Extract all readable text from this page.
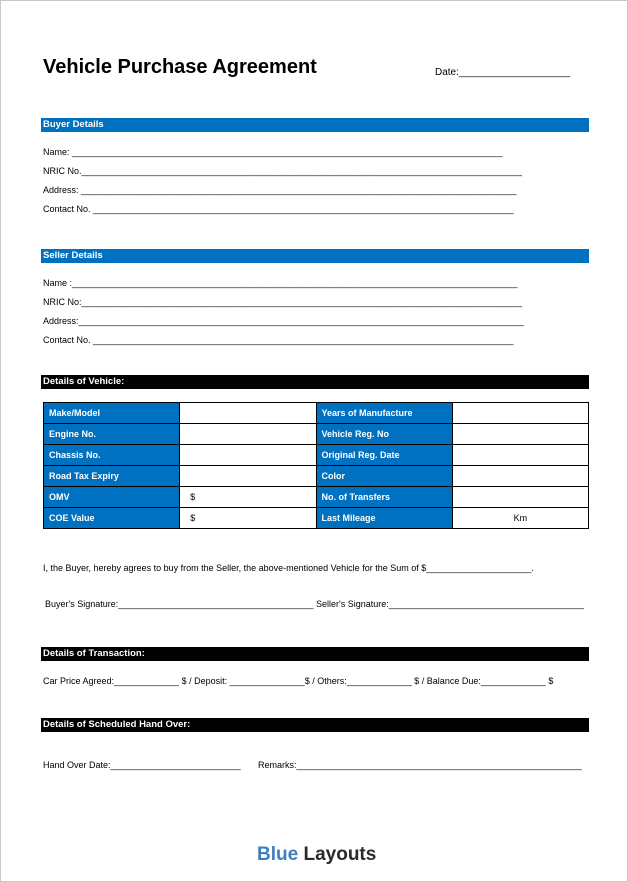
Vehicle Purchase Agreement	Date:____________________
Buyer Details
Name: ______________________________________________________________________________________
NRIC No.________________________________________________________________________________________
Address: _______________________________________________________________________________________
Contact No. ____________________________________________________________________________________
Seller Details
Name :_________________________________________________________________________________________
NRIC No:________________________________________________________________________________________
Address:_________________________________________________________________________________________
Contact No. ____________________________________________________________________________________
Details of Vehicle:
Make/Model		Years of Manufacture	
Engine No.		Vehicle Reg. No	
Chassis No.		Original Reg. Date	
Road Tax Expiry		Color	
OMV	$	No. of Transfers	
COE Value	$	Last Mileage	Km
I, the Buyer, hereby agrees to buy from the Seller, the above-mentioned Vehicle for the Sum of $_____________________.
Buyer's Signature:_______________________________________ Seller's Signature:_______________________________________
Details of Transaction:
Car Price Agreed:_____________ $ / Deposit: _______________$ / Others:_____________ $ / Balance Due:_____________ $
Details of Scheduled Hand Over:
Hand Over Date:__________________________ Remarks:_________________________________________________________
Blue Layouts
